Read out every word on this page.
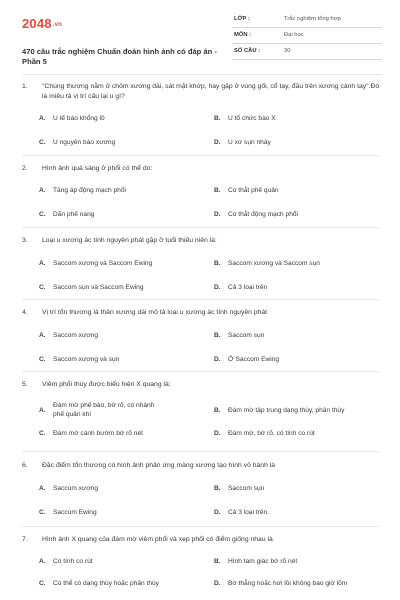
2048.vn
470 câu trắc nghiệm Chuẩn đoán hình ảnh có đáp án - Phần 5
LỚP :	Trắc nghiệm tổng hợp
MÔN :	Đại học
SỐ CÂU :	30
1. "Chúng thương nằm ở chỏm xương dài, sát mặt khớp, hay gặp ở vùng gối, cổ tay, đầu trên xương cánh tay".Đó là miêu tả vị trí cấu lại u gì?
A. U tế bào khổng lồ	B. U tổ chức bào X
C. U nguyên bào xương	D. U xơ sụn nhày
2. Hình ảnh quá sáng ở phổi có thể do:
A. Tăng áp động mạch phổi	B. Co thắt phế quản
C. Dãn phế nang	D. Co thắt động mạch phổi
3. Loại u xương ác tính nguyên phát gặp ở tuổi thiếu niên là:
A. Saccom xương và Saccom Ewing	B. Saccom xương và Saccom sụn
C. Saccom sụn và Saccom Ewing	D. Cả 3 loại trên
4. Vị trí tổn thương là thân xương dài mô tả loại u xương ác tính nguyên phát
A. Saccom xương	B. Saccom sụn
C. Saccom xương và sụn	D. Ở Saccom Ewing
5. Viêm phổi thùy được biểu hiện X quang là:
A.
Đám mờ phế bào, bờ rõ, có nhánh phế quản khí
B. Đám mờ tập trung dạng thùy, phân thùy
C. Đám mờ cánh bướm bờ rõ nét	D. Đám mờ, bờ rõ, có tính co rút
6. Đặc điểm tổn thương có hình ảnh phản ứng màng xương tạo hình vỏ hành là
A. Saccom xương	B. Saccom sụn
C. Saccom Ewing	D. Cả 3 loại trên.
7. Hình ảnh X quang của đám mờ viêm phổi và xẹp phổi có điểm giống nhau là
A. Có tính co rút	B. Hình tam giác bờ rõ nét
C. Có thể có dạng thùy hoặc phân thùy	D. Bờ thẳng hoặc hơi lồi không bao giờ lõm
